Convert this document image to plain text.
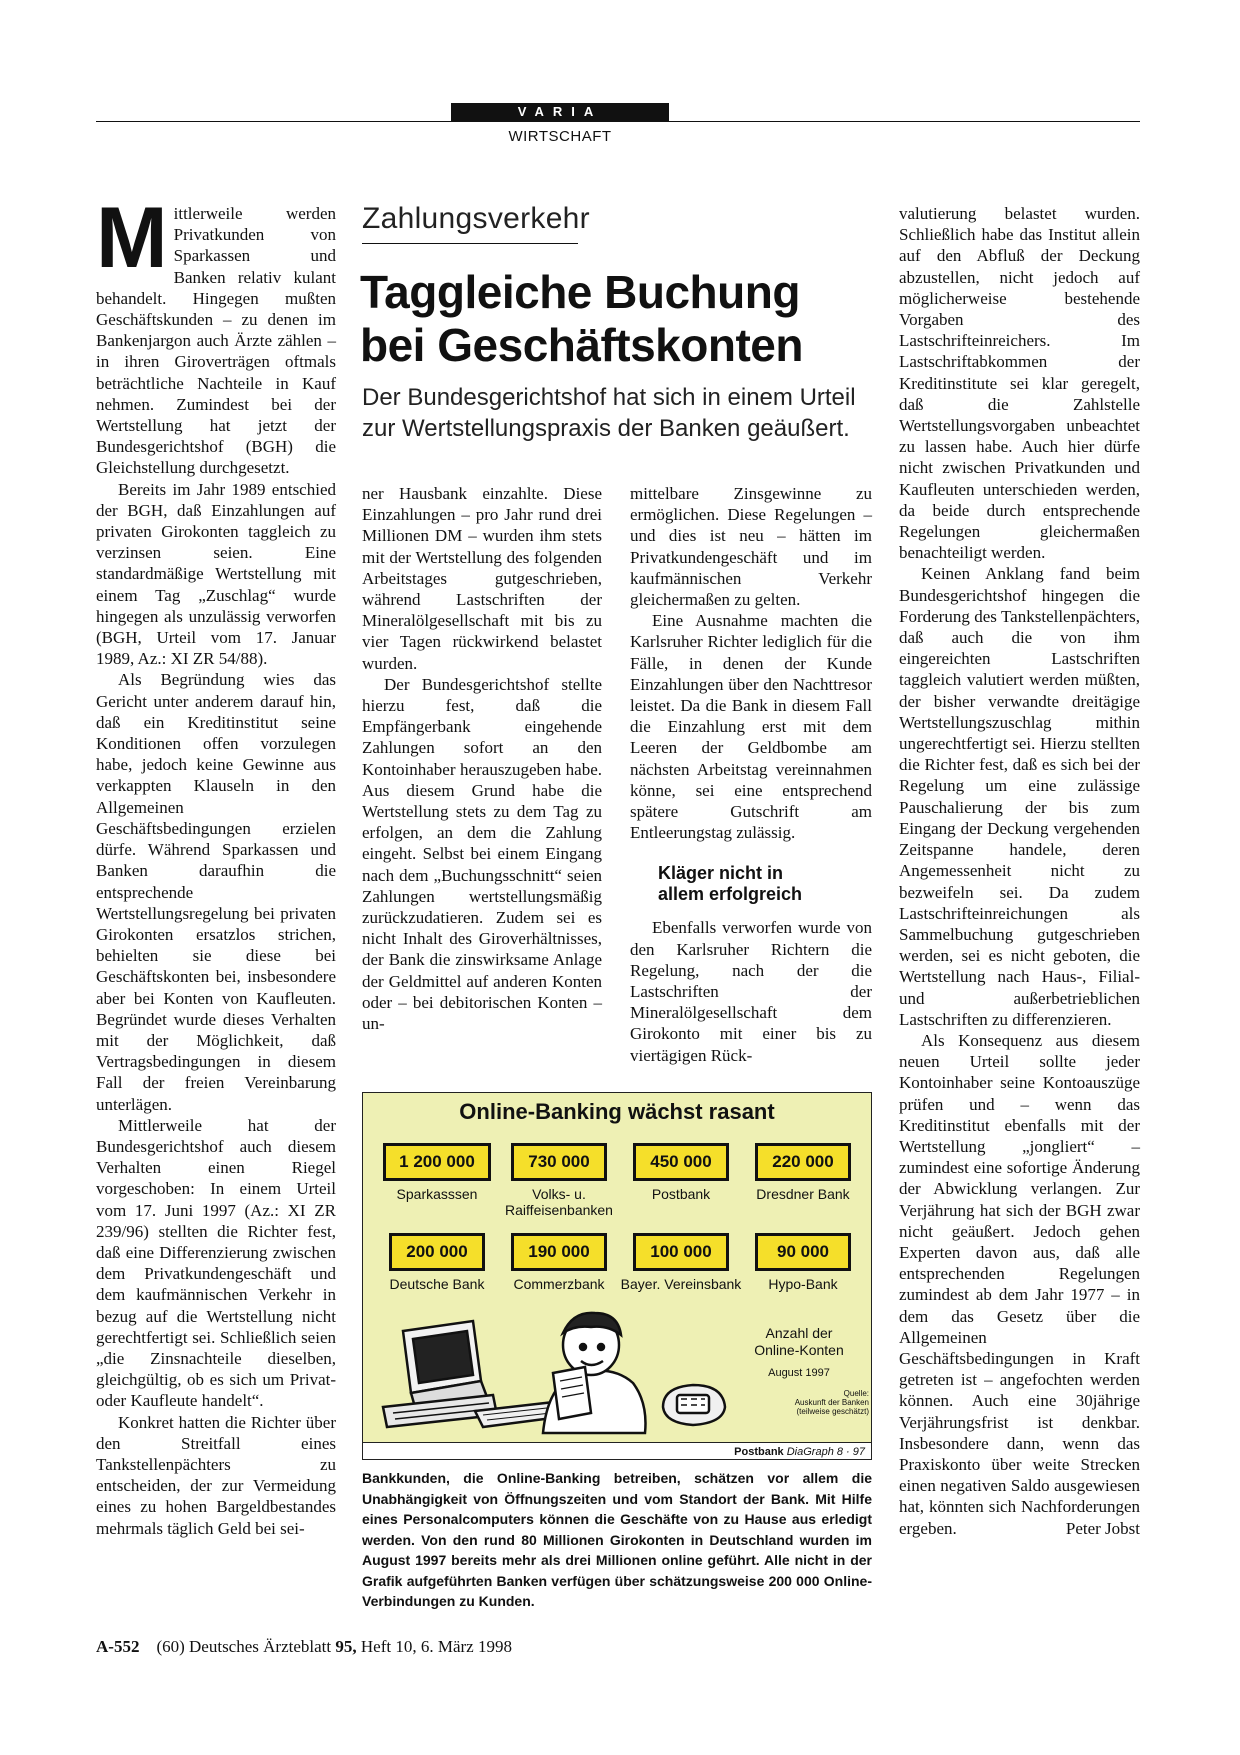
VARIA
WIRTSCHAFT

Mittlerweile werden Privatkunden von Sparkassen und Banken relativ kulant behandelt. Hingegen mußten Geschäftskunden – zu denen im Bankenjargon auch Ärzte zählen – in ihren Giroverträgen oftmals beträchtliche Nachteile in Kauf nehmen. Zumindest bei der Wertstellung hat jetzt der Bundesgerichtshof (BGH) die Gleichstellung durchgesetzt.

Bereits im Jahr 1989 entschied der BGH, daß Einzahlungen auf privaten Girokonten taggleich zu verzinsen seien. Eine standardmäßige Wertstellung mit einem Tag „Zuschlag“ wurde hingegen als unzulässig verworfen (BGH, Urteil vom 17. Januar 1989, Az.: XI ZR 54/88).

Als Begründung wies das Gericht unter anderem darauf hin, daß ein Kreditinstitut seine Konditionen offen vorzulegen habe, jedoch keine Gewinne aus verkappten Klauseln in den Allgemeinen Geschäftsbedingungen erzielen dürfe. Während Sparkassen und Banken daraufhin die entsprechende Wertstellungsregelung bei privaten Girokonten ersatzlos strichen, behielten sie diese bei Geschäftskonten bei, insbesondere aber bei Konten von Kaufleuten. Begründet wurde dieses Verhalten mit der Möglichkeit, daß Vertragsbedingungen in diesem Fall der freien Vereinbarung unterlägen.

Mittlerweile hat der Bundesgerichtshof auch diesem Verhalten einen Riegel vorgeschoben: In einem Urteil vom 17. Juni 1997 (Az.: XI ZR 239/96) stellten die Richter fest, daß eine Differenzierung zwischen dem Privatkundengeschäft und dem kaufmännischen Verkehr in bezug auf die Wertstellung nicht gerechtfertigt sei. Schließlich seien „die Zinsnachteile dieselben, gleichgültig, ob es sich um Privat- oder Kaufleute handelt“.

Konkret hatten die Richter über den Streitfall eines Tankstellenpächters zu entscheiden, der zur Vermeidung eines zu hohen Bargeldbestandes mehrmals täglich Geld bei sei-

Zahlungsverkehr
Taggleiche Buchung
bei Geschäftskonten
Der Bundesgerichtshof hat sich in einem Urteil zur Wertstellungspraxis der Banken geäußert.

ner Hausbank einzahlte. Diese Einzahlungen – pro Jahr rund drei Millionen DM – wurden ihm stets mit der Wertstellung des folgenden Arbeitstages gutgeschrieben, während Lastschriften der Mineralölgesellschaft mit bis zu vier Tagen rückwirkend belastet wurden.

Der Bundesgerichtshof stellte hierzu fest, daß die Empfängerbank eingehende Zahlungen sofort an den Kontoinhaber herauszugeben habe. Aus diesem Grund habe die Wertstellung stets zu dem Tag zu erfolgen, an dem die Zahlung eingeht. Selbst bei einem Eingang nach dem „Buchungsschnitt“ seien Zahlungen wertstellungsmäßig zurückzudatieren. Zudem sei es nicht Inhalt des Giroverhältnisses, der Bank die zinswirksame Anlage der Geldmittel auf anderen Konten oder – bei debitorischen Konten – un-

mittelbare Zinsgewinne zu ermöglichen. Diese Regelungen – und dies ist neu – hätten im Privatkundengeschäft und im kaufmännischen Verkehr gleichermaßen zu gelten.

Eine Ausnahme machten die Karlsruher Richter lediglich für die Fälle, in denen der Kunde Einzahlungen über den Nachttresor leistet. Da die Bank in diesem Fall die Einzahlung erst mit dem Leeren der Geldbombe am nächsten Arbeitstag vereinnahmen könne, sei eine entsprechend spätere Gutschrift am Entleerungstag zulässig.

Kläger nicht in
allem erfolgreich

Ebenfalls verworfen wurde von den Karlsruher Richtern die Regelung, nach der die Lastschriften der Mineralölgesellschaft dem Girokonto mit einer bis zu viertägigen Rück-

valutierung belastet wurden. Schließlich habe das Institut allein auf den Abfluß der Deckung abzustellen, nicht jedoch auf möglicherweise bestehende Vorgaben des Lastschrifteinreichers. Im Lastschriftabkommen der Kreditinstitute sei klar geregelt, daß die Zahlstelle Wertstellungsvorgaben unbeachtet zu lassen habe. Auch hier dürfe nicht zwischen Privatkunden und Kaufleuten unterschieden werden, da beide durch entsprechende Regelungen gleichermaßen benachteiligt werden.

Keinen Anklang fand beim Bundesgerichtshof hingegen die Forderung des Tankstellenpächters, daß auch die von ihm eingereichten Lastschriften taggleich valutiert werden müßten, der bisher verwandte dreitägige Wertstellungszuschlag mithin ungerechtfertigt sei. Hierzu stellten die Richter fest, daß es sich bei der Regelung um eine zulässige Pauschalierung der bis zum Eingang der Deckung vergehenden Zeitspanne handele, deren Angemessenheit nicht zu bezweifeln sei. Da zudem Lastschrifteinreichungen als Sammelbuchung gutgeschrieben werden, sei es nicht geboten, die Wertstellung nach Haus-, Filial- und außerbetrieblichen Lastschriften zu differenzieren.

Als Konsequenz aus diesem neuen Urteil sollte jeder Kontoinhaber seine Kontoauszüge prüfen und – wenn das Kreditinstitut ebenfalls mit der Wertstellung „jongliert“ – zumindest eine sofortige Änderung der Abwicklung verlangen. Zur Verjährung hat sich der BGH zwar nicht geäußert. Jedoch gehen Experten davon aus, daß alle entsprechenden Regelungen zumindest ab dem Jahr 1977 – in dem das Gesetz über die Allgemeinen Geschäftsbedingungen in Kraft getreten ist – angefochten werden können. Auch eine 30jährige Verjährungsfrist ist denkbar. Insbesondere dann, wenn das Praxiskonto über weite Strecken einen negativen Saldo ausgewiesen hat, könnten sich Nachforderungen ergeben.	Peter Jobst

Online-Banking wächst rasant
1 200 000
Sparkasssen
730 000
Volks- u. Raiffeisenbanken
450 000
Postbank
220 000
Dresdner Bank
200 000
Deutsche Bank
190 000
Commerzbank
100 000
Bayer. Vereinsbank
90 000
Hypo-Bank
Anzahl der
Online-Konten
August 1997
Quelle:
Auskunft der Banken
(teilweise geschätzt)
Postbank DiaGraph 8 · 97
Bankkunden, die Online-Banking betreiben, schätzen vor allem die Unabhängigkeit von Öffnungszeiten und vom Standort der Bank. Mit Hilfe eines Personalcomputers können die Geschäfte von zu Hause aus erledigt werden. Von den rund 80 Millionen Girokonten in Deutschland wurden im August 1997 bereits mehr als drei Millionen online geführt. Alle nicht in der Grafik aufgeführten Banken verfügen über schätzungsweise 200 000 Online-Verbindungen zu Kunden.
A-552 (60) Deutsches Ärzteblatt 95, Heft 10, 6. März 1998
